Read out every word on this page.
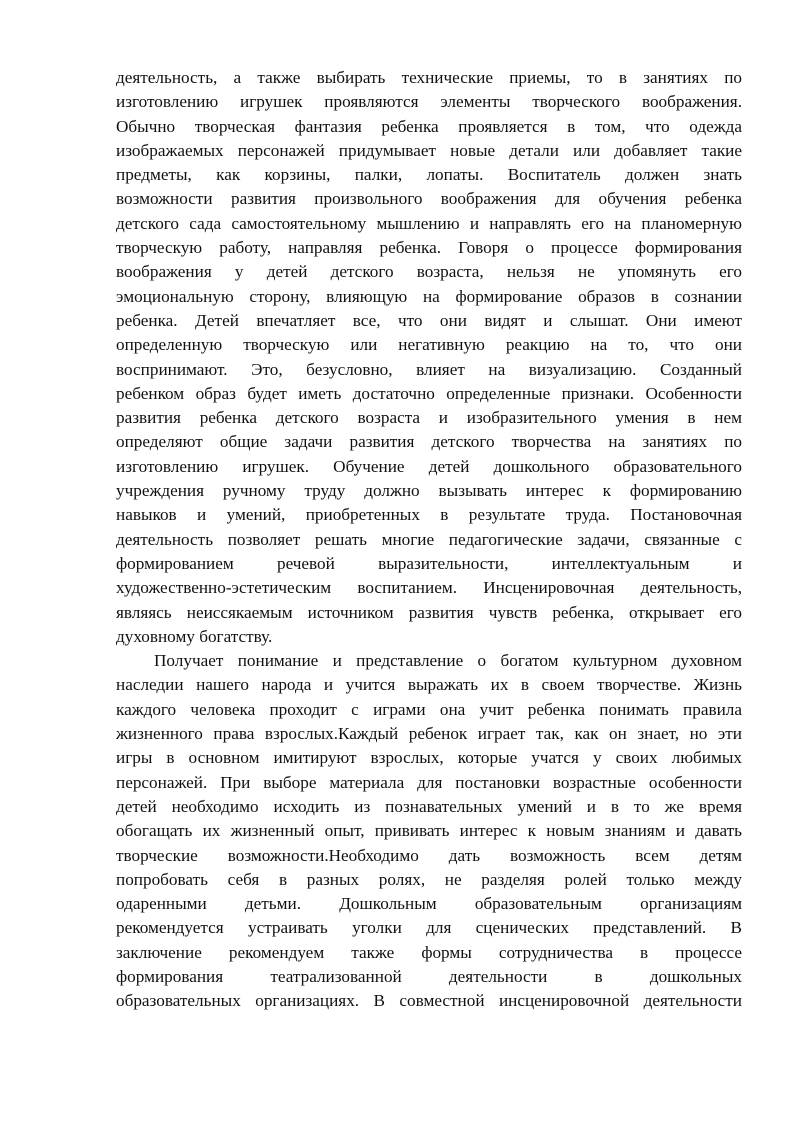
деятельность, а также выбирать технические приемы, то в занятиях по
изготовлению игрушек проявляются элементы творческого воображения.
Обычно творческая фантазия ребенка проявляется в том, что одежда
изображаемых персонажей придумывает новые детали или добавляет такие
предметы, как корзины, палки, лопаты. Воспитатель должен знать
возможности развития произвольного воображения для обучения ребенка
детского сада самостоятельному мышлению и направлять его на планомерную
творческую работу, направляя ребенка. Говоря о процессе формирования
воображения у детей детского возраста, нельзя не упомянуть его
эмоциональную сторону, влияющую на формирование образов в сознании
ребенка. Детей впечатляет все, что они видят и слышат. Они имеют
определенную творческую или негативную реакцию на то, что они
воспринимают. Это, безусловно, влияет на визуализацию. Созданный
ребенком образ будет иметь достаточно определенные признаки. Особенности
развития ребенка детского возраста и изобразительного умения в нем
определяют общие задачи развития детского творчества на занятиях по
изготовлению игрушек. Обучение детей дошкольного образовательного
учреждения ручному труду должно вызывать интерес к формированию
навыков и умений, приобретенных в результате труда. Постановочная
деятельность позволяет решать многие педагогические задачи, связанные с
формированием речевой выразительности, интеллектуальным и
художественно-эстетическим воспитанием. Инсценировочная деятельность,
являясь неиссякаемым источником развития чувств ребенка, открывает его
духовному богатству.

Получает понимание и представление о богатом культурном духовном
наследии нашего народа и учится выражать их в своем творчестве. Жизнь
каждого человека проходит с играми она учит ребенка понимать правила
жизненного права взрослых.Каждый ребенок играет так, как он знает, но эти
игры в основном имитируют взрослых, которые учатся у своих любимых
персонажей. При выборе материала для постановки возрастные особенности
детей необходимо исходить из познавательных умений и в то же время
обогащать их жизненный опыт, прививать интерес к новым знаниям и давать
творческие возможности.Необходимо дать возможность всем детям
попробовать себя в разных ролях, не разделяя ролей только между
одаренными детьми. Дошкольным образовательным организациям
рекомендуется устраивать уголки для сценических представлений. В
заключение рекомендуем также формы сотрудничества в процессе
формирования театрализованной деятельности в дошкольных
образовательных организациях. В совместной инсценировочной деятельности
